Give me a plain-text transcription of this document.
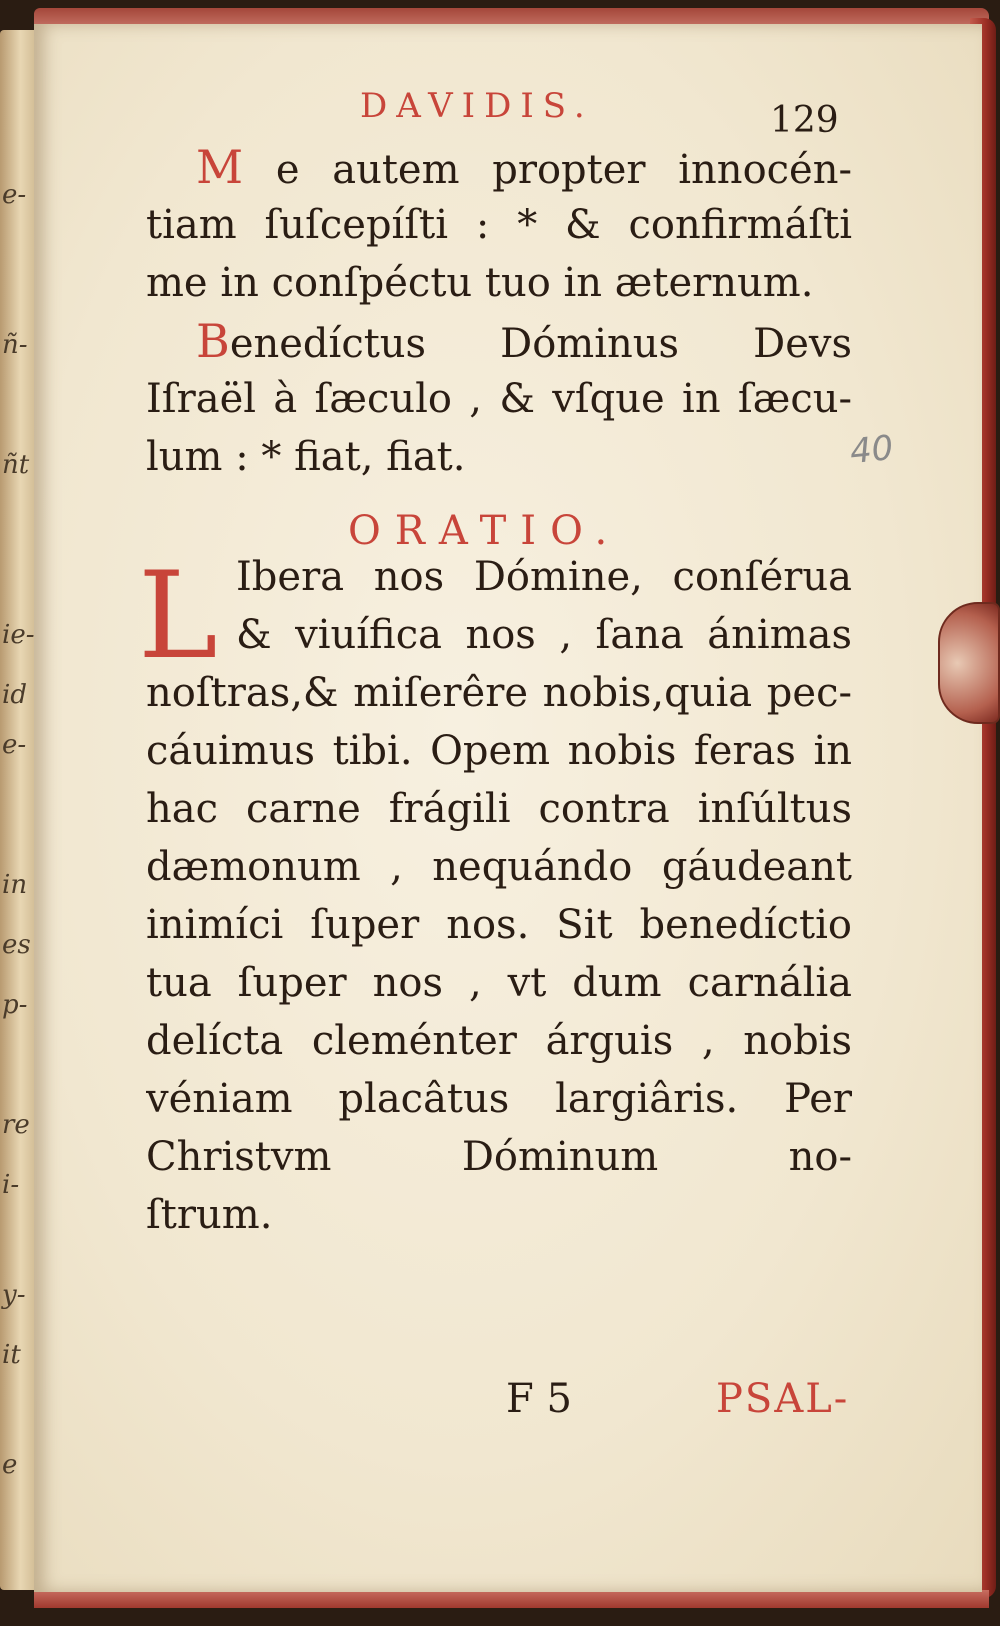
e-
ñ-
ñt
ie-
id
e-
in
es
p-
re
i-
y-
it
e
DAVIDIS.	129
M e autem propter innocén-
tiam ſuſcepíſti : * & confirmáſti
me in conſpéctu tuo in æternum.
Benedíctus Dóminus Devs
Iſraël à ſæculo , & vſque in ſæcu-
lum : * fiat, fiat.	40
ORATIO.
L Ibera nos Dómine, conſérua
& viuífica nos , ſana ánimas
noſtras,& miſerêre nobis,quia pec-
cáuimus tibi. Opem nobis feras in
hac carne frágili contra inſúltus
dæmonum , nequándo gáudeant
inimíci ſuper nos. Sit benedíctio
tua ſuper nos , vt dum carnália
delícta cleménter árguis , nobis
véniam placâtus largiâris. Per
Christvm Dóminum no-
ſtrum.
F 5	PSAL-
